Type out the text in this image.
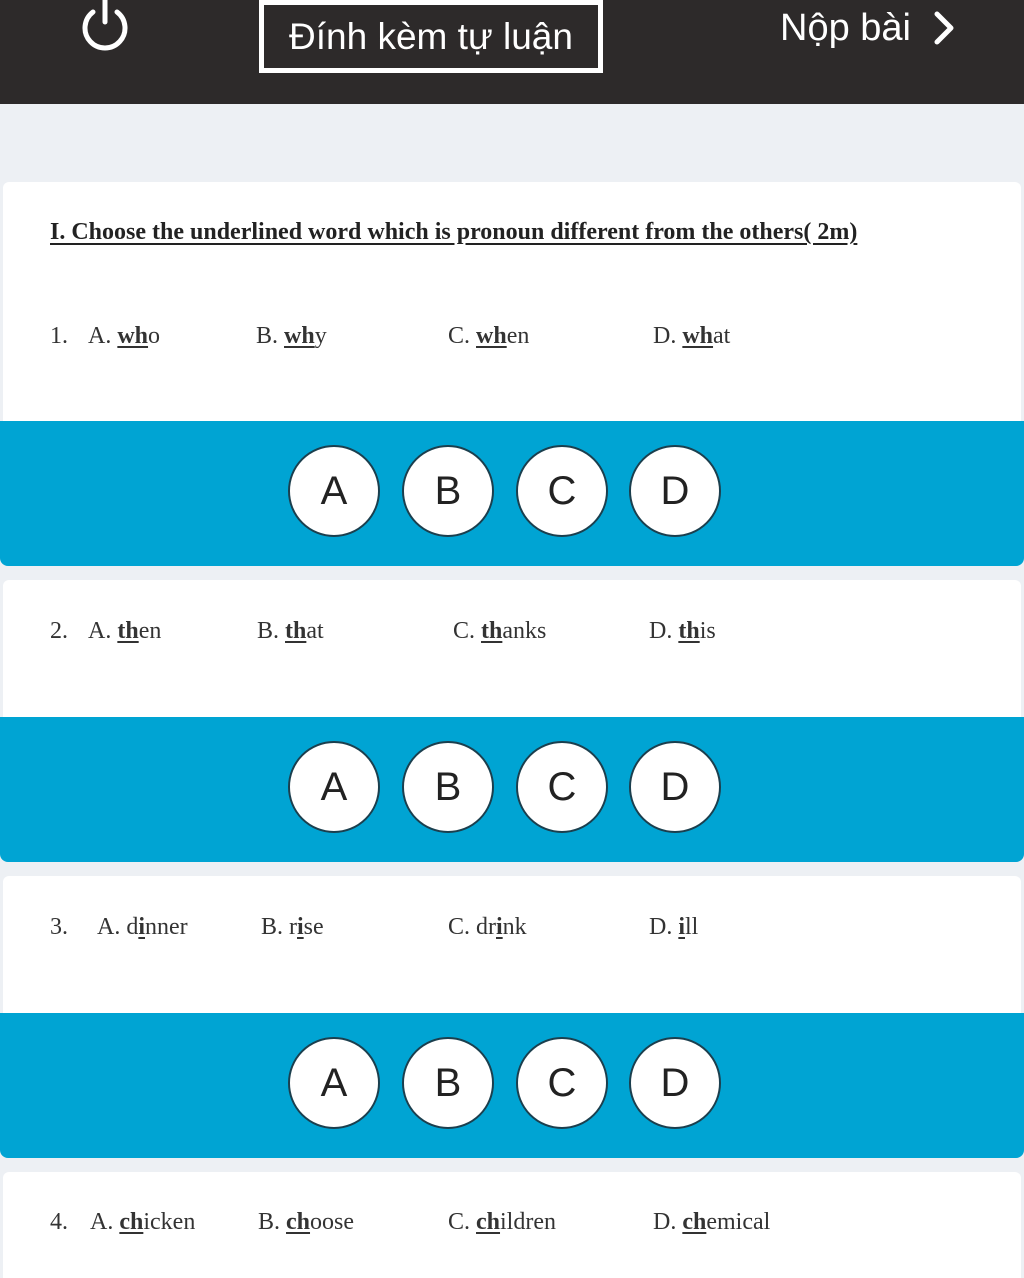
Đính kèm tự luận	Nộp bài
I. Choose the underlined word which is pronoun different from the others( 2m)
1. A. who	B. why	C. when	D. what
A	B	C	D
2. A. then	B. that	C. thanks	D. this
A	B	C	D
3. A. dinner	B. rise	C. drink	D. ill
A	B	C	D
4. A. chicken	B. choose	C. children	D. chemical
